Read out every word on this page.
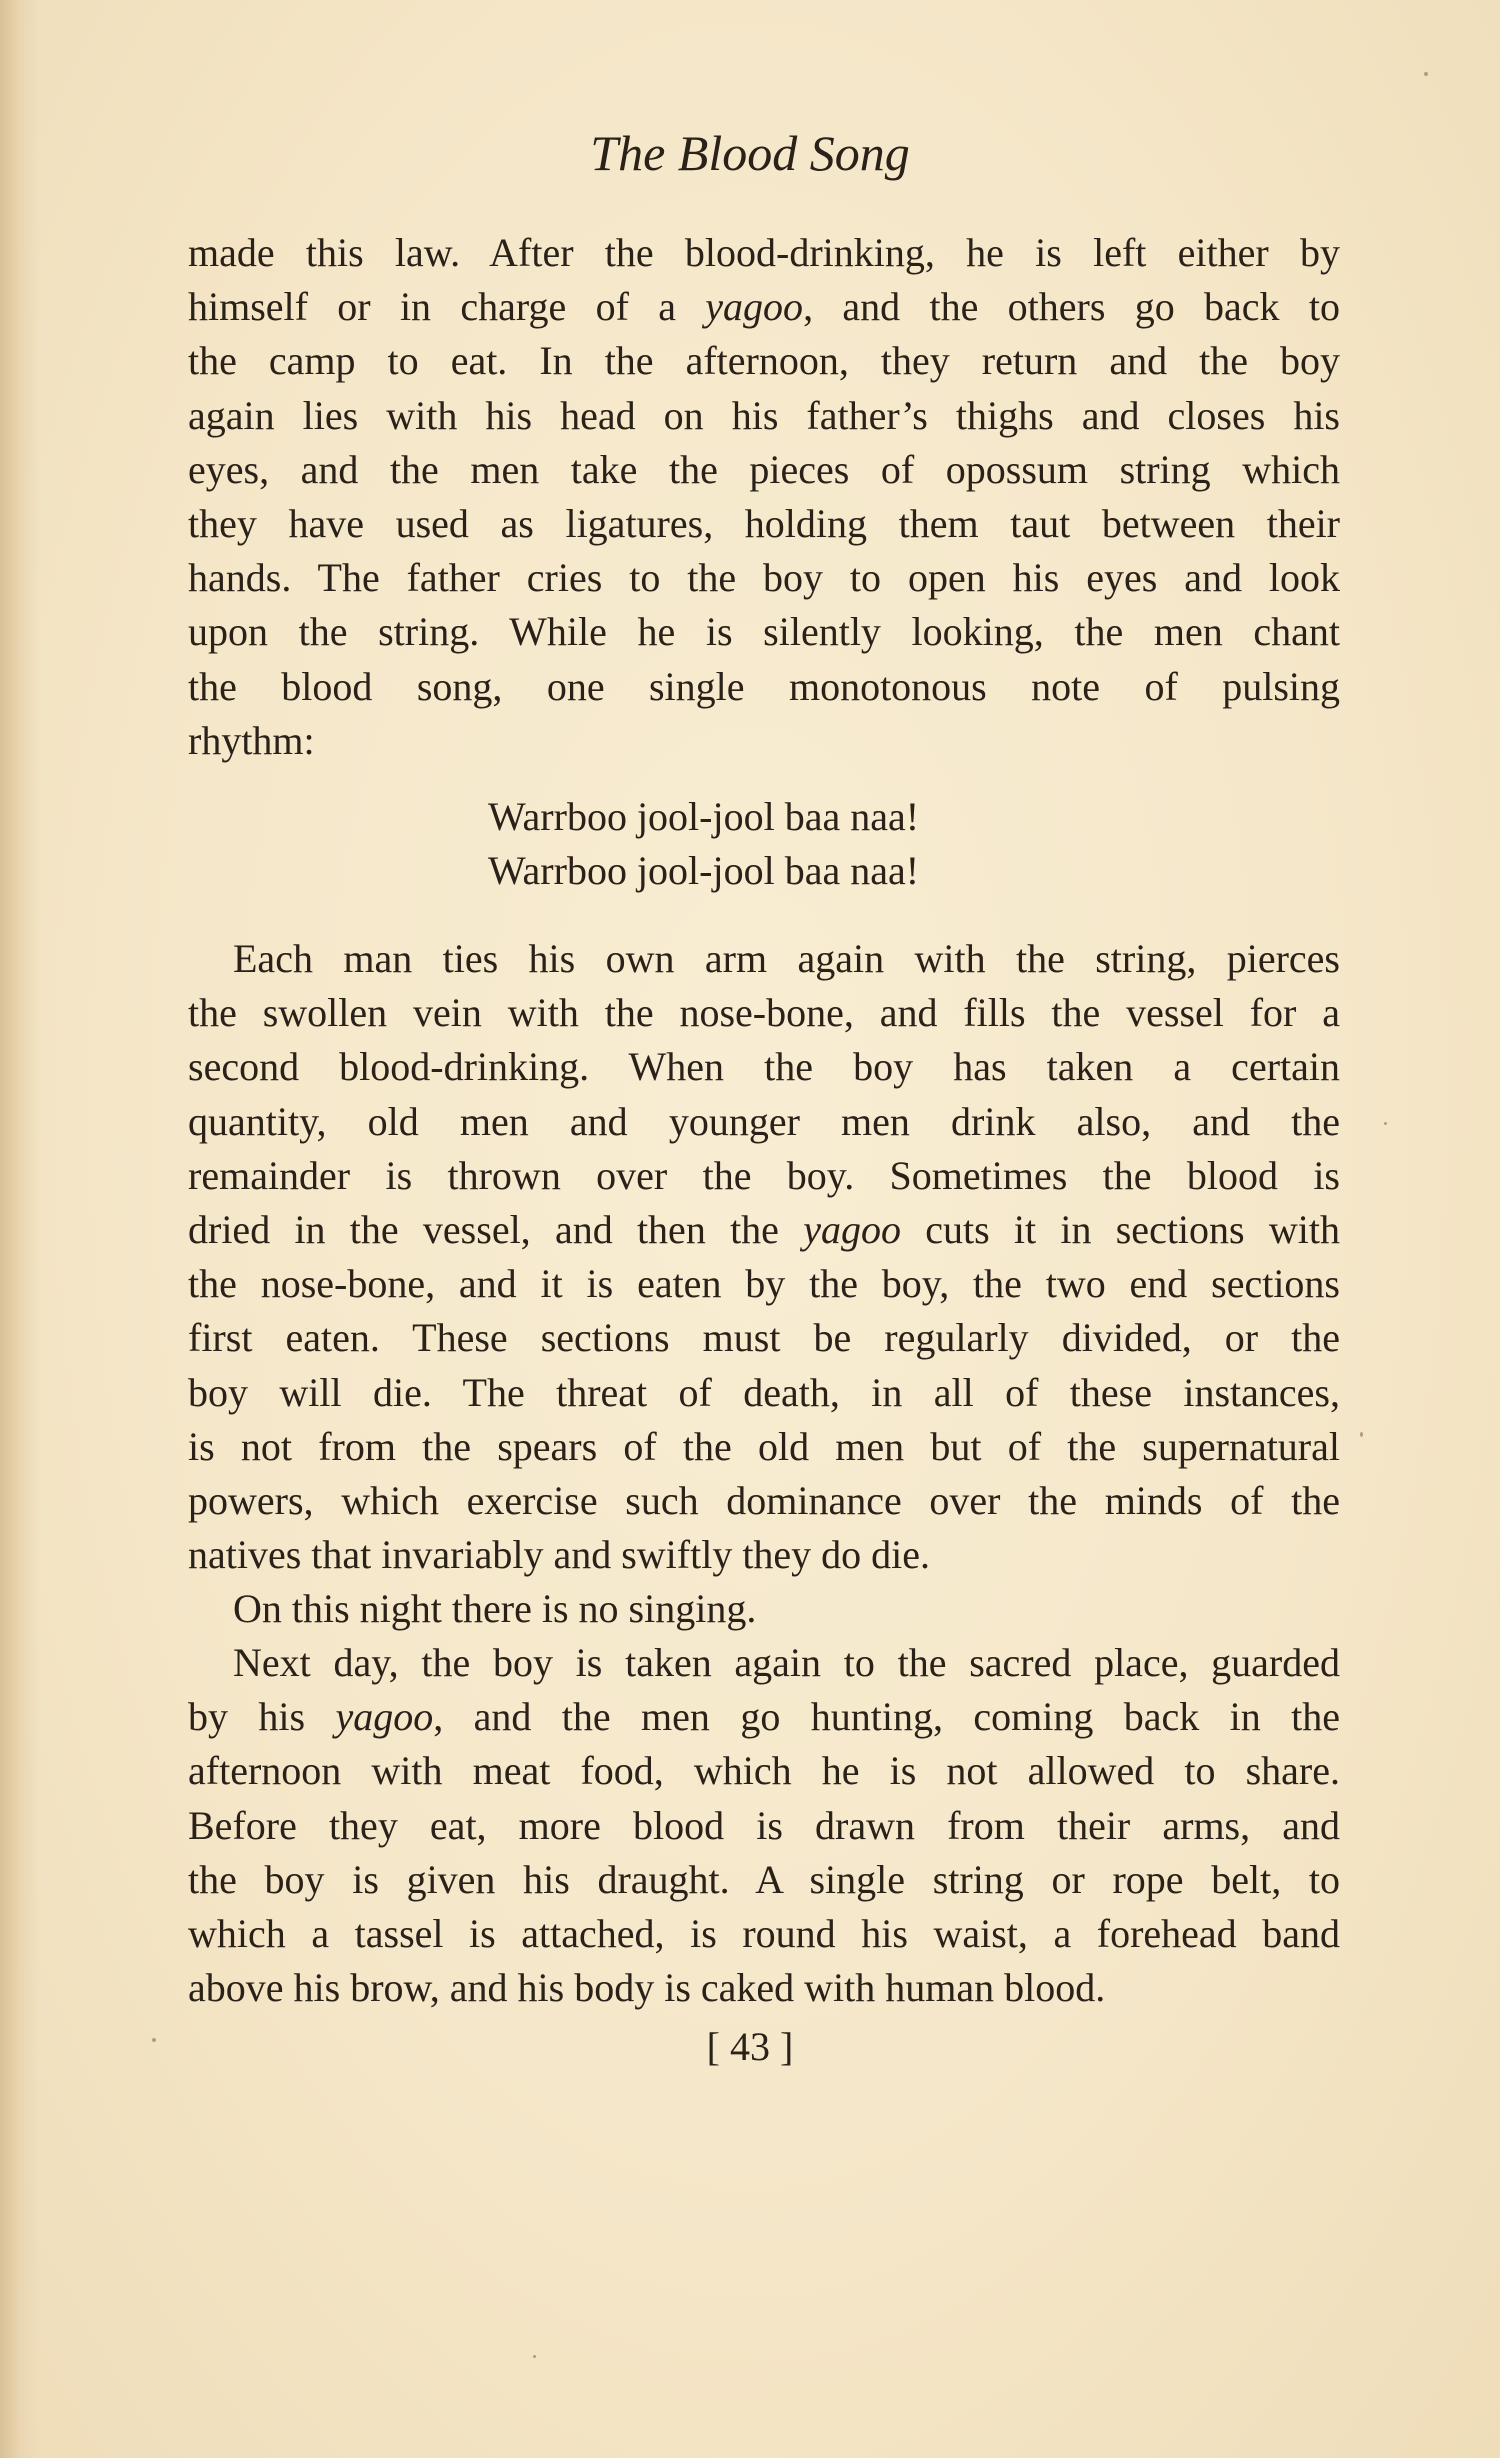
The Blood Song
made this law. After the blood-drinking, he is left either by
himself or in charge of a yagoo, and the others go back to
the camp to eat. In the afternoon, they return and the boy
again lies with his head on his father’s thighs and closes his
eyes, and the men take the pieces of opossum string which
they have used as ligatures, holding them taut between their
hands. The father cries to the boy to open his eyes and look
upon the string. While he is silently looking, the men chant
the blood song, one single monotonous note of pulsing
rhythm:
Warrboo jool-jool baa naa!
Warrboo jool-jool baa naa!
Each man ties his own arm again with the string, pierces
the swollen vein with the nose-bone, and fills the vessel for a
second blood-drinking. When the boy has taken a certain
quantity, old men and younger men drink also, and the
remainder is thrown over the boy. Sometimes the blood is
dried in the vessel, and then the yagoo cuts it in sections with
the nose-bone, and it is eaten by the boy, the two end sections
first eaten. These sections must be regularly divided, or the
boy will die. The threat of death, in all of these instances,
is not from the spears of the old men but of the supernatural
powers, which exercise such dominance over the minds of the
natives that invariably and swiftly they do die.
On this night there is no singing.
Next day, the boy is taken again to the sacred place, guarded
by his yagoo, and the men go hunting, coming back in the
afternoon with meat food, which he is not allowed to share.
Before they eat, more blood is drawn from their arms, and
the boy is given his draught. A single string or rope belt, to
which a tassel is attached, is round his waist, a forehead band
above his brow, and his body is caked with human blood.
[ 43 ]
